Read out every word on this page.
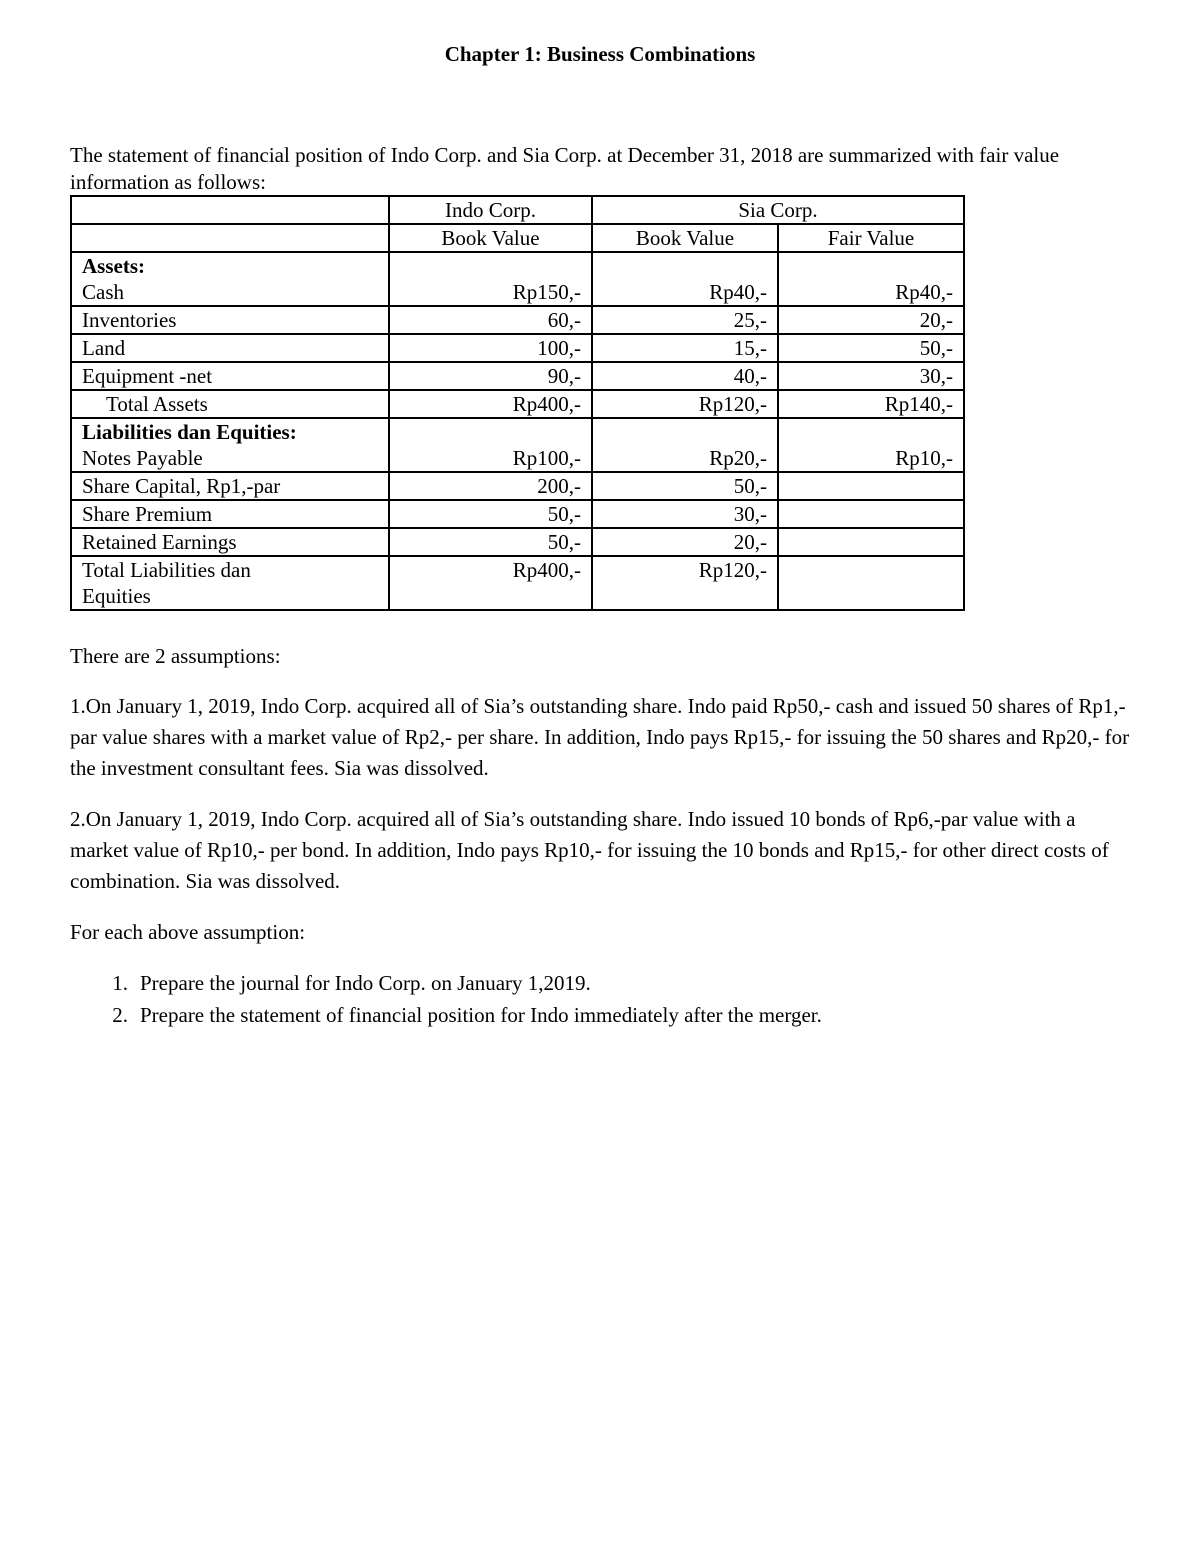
Chapter 1: Business Combinations
The statement of financial position of Indo Corp. and Sia Corp. at December 31, 2018 are summarized with fair value information as follows:
	Indo Corp.	Sia Corp.	
	Book Value	Book Value	Fair Value

Assets:
Cash	Rp150,-	Rp40,-	Rp40,-

Inventories	60,-	25,-	20,-
Land	100,-	15,-	50,-
Equipment -net	90,-	40,-	30,-
Total Assets	Rp400,-	Rp120,-	Rp140,-

Liabilities dan Equities:
Notes Payable	Rp100,-	Rp20,-	Rp10,-

Share Capital, Rp1,-par	200,-	50,-	
Share Premium	50,-	30,-	
Retained Earnings	50,-	20,-	

Total Liabilities dan
Equities	Rp400,-	Rp120,-	
There are 2 assumptions:
1.On January 1, 2019, Indo Corp. acquired all of Sia’s outstanding share. Indo paid Rp50,- cash and issued 50 shares of Rp1,-par value shares with a market value of Rp2,- per share. In addition, Indo pays Rp15,- for issuing the 50 shares and Rp20,- for the investment consultant fees. Sia was dissolved.
2.On January 1, 2019, Indo Corp. acquired all of Sia’s outstanding share. Indo issued 10 bonds of Rp6,-par value with a market value of Rp10,- per bond. In addition, Indo pays Rp10,- for issuing the 10 bonds and Rp15,- for other direct costs of combination. Sia was dissolved.
For each above assumption:
1. Prepare the journal for Indo Corp. on January 1,2019.
2. Prepare the statement of financial position for Indo immediately after the merger.
